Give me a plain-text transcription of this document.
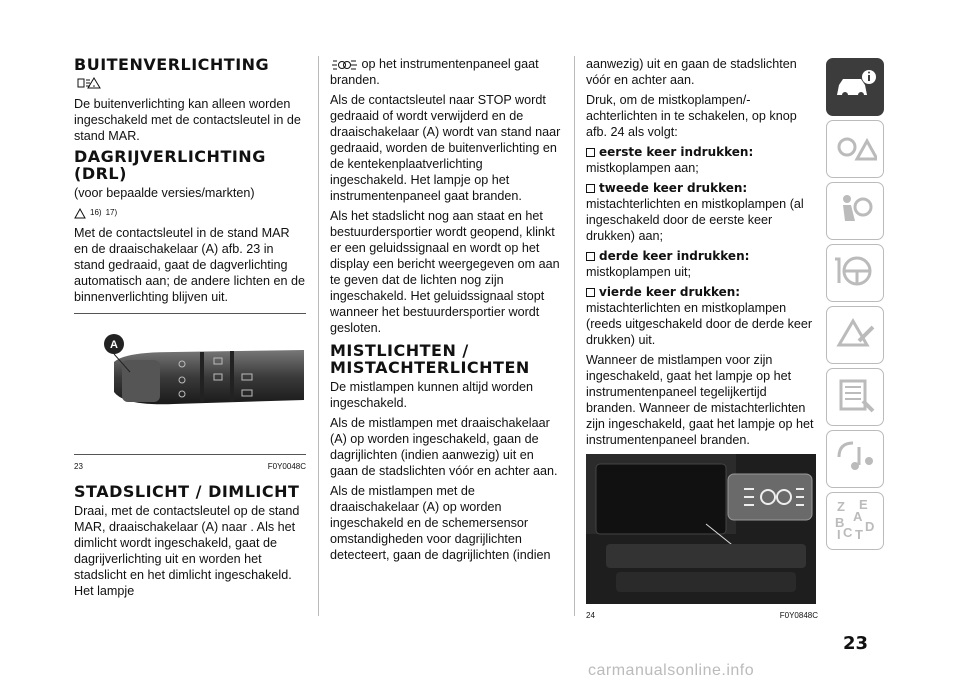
BUITENVERLICHTING

De buitenverlichting kan alleen worden ingeschakeld met de contactsleutel in de stand MAR.

DAGRIJVERLICHTING (DRL)

(voor bepaalde versies/markten)

16) 17)

Met de contactsleutel in de stand MAR en de draaischakelaar (A) afb. 23 in stand gedraaid, gaat de dagverlichting automatisch aan; de andere lichten en de binnenverlichting blijven uit.

A
23	F0Y0048C
STADSLICHT / DIMLICHT

Draai, met de contactsleutel op de stand MAR, draaischakelaar (A) naar . Als het dimlicht wordt ingeschakeld, gaat de dagrijverlichting uit en worden het stadslicht en het dimlicht ingeschakeld. Het lampje

op het instrumentenpaneel gaat branden.

Als de contactsleutel naar STOP wordt gedraaid of wordt verwijderd en de draaischakelaar (A) wordt van stand naar gedraaid, worden de buitenverlichting en de kentekenplaatverlichting ingeschakeld. Het lampje op het instrumentenpaneel gaat branden.

Als het stadslicht nog aan staat en het bestuurdersportier wordt geopend, klinkt er een geluidssignaal en wordt op het display een bericht weergegeven om aan te geven dat de lichten nog zijn ingeschakeld. Het geluidssignaal stopt wanneer het bestuurdersportier wordt gesloten.

MISTLICHTEN / MISTACHTERLICHTEN

De mistlampen kunnen altijd worden ingeschakeld.

Als de mistlampen met draaischakelaar (A) op worden ingeschakeld, gaan de dagrijlichten (indien aanwezig) uit en gaan de stadslichten vóór en achter aan.

Als de mistlampen met de draaischakelaar (A) op worden ingeschakeld en de schemersensor omstandigheden voor dagrijlichten detecteert, gaan de dagrijlichten (indien

aanwezig) uit en gaan de stadslichten vóór en achter aan.

Druk, om de mistkoplampen/-achterlichten in te schakelen, op knop afb. 24 als volgt:

eerste keer indrukken:

mistkoplampen aan;

tweede keer drukken:

mistachterlichten en mistkoplampen (al ingeschakeld door de eerste keer drukken) aan;

derde keer indrukken:

mistkoplampen uit;

vierde keer drukken:

mistachterlichten en mistkoplampen (reeds uitgeschakeld door de derde keer drukken) uit.

Wanneer de mistlampen voor zijn ingeschakeld, gaat het lampje op het instrumentenpaneel tegelijkertijd branden. Wanneer de mistachterlichten zijn ingeschakeld, gaat het lampje op het instrumentenpaneel branden.

24	F0Y0848C
Z E
A
B
C D
T
I
23
carmanualsonline.info
